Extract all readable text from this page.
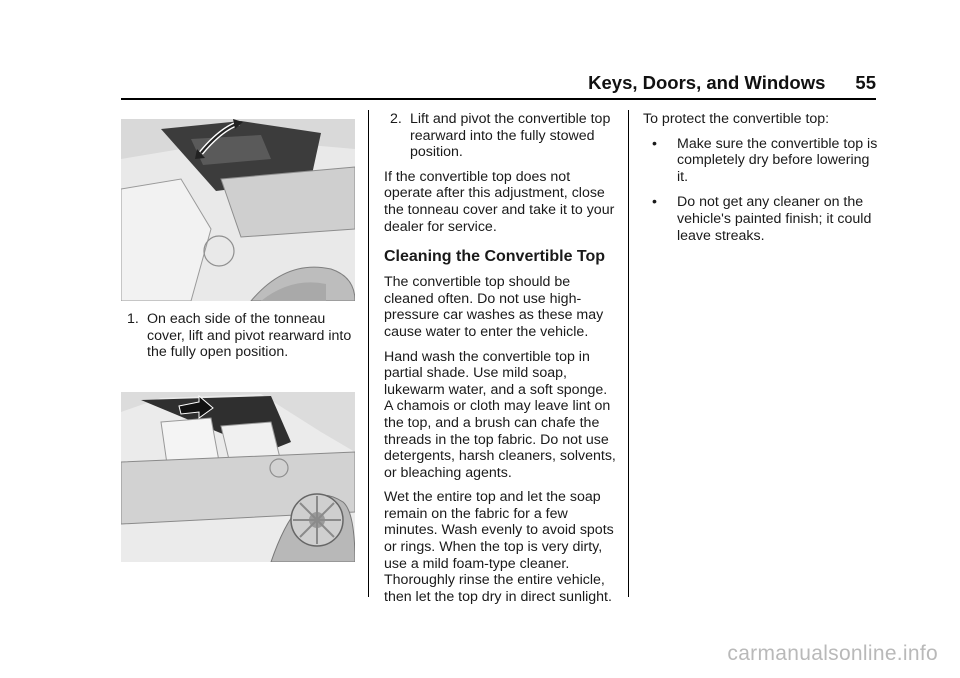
Keys, Doors, and Windows 55
1. On each side of the tonneau cover, lift and pivot rearward into the fully open position.
2. Lift and pivot the convertible top rearward into the fully stowed position.

If the convertible top does not operate after this adjustment, close the tonneau cover and take it to your dealer for service.

Cleaning the Convertible Top

The convertible top should be cleaned often. Do not use high-pressure car washes as these may cause water to enter the vehicle.

Hand wash the convertible top in partial shade. Use mild soap, lukewarm water, and a soft sponge. A chamois or cloth may leave lint on the top, and a brush can chafe the threads in the top fabric. Do not use detergents, harsh cleaners, solvents, or bleaching agents.

Wet the entire top and let the soap remain on the fabric for a few minutes. Wash evenly to avoid spots or rings. When the top is very dirty, use a mild foam-type cleaner. Thoroughly rinse the entire vehicle, then let the top dry in direct sunlight.

To protect the convertible top:

• Make sure the convertible top is completely dry before lowering it.
• Do not get any cleaner on the vehicle's painted finish; it could leave streaks.
carmanualsonline.info
